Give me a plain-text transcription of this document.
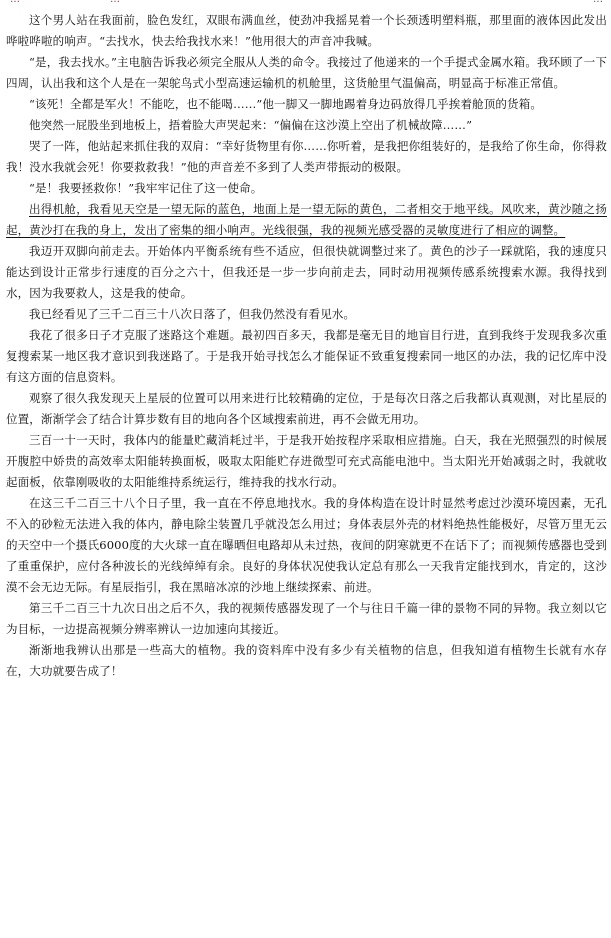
这个男人站在我面前，脸色发红，双眼布满血丝，使劲冲我摇晃着一个长颈透明塑料瓶，那里面的液体因此发出哗啦哗啦的响声。“去找水，快去给我找水来！”他用很大的声音冲我喊。

“是，我去找水。”主电脑告诉我必须完全服从人类的命令。我接过了他递来的一个手提式金属水箱。我环顾了一下四周，认出我和这个人是在一架鸵鸟式小型高速运输机的机舱里，这货舱里气温偏高，明显高于标准正常值。

“该死！全都是军火！不能吃，也不能喝……”他一脚又一脚地踢着身边码放得几乎挨着舱顶的货箱。

他突然一屁股坐到地板上，捂着脸大声哭起来：“偏偏在这沙漠上空出了机械故障……”

哭了一阵，他站起来抓住我的双肩：“幸好货物里有你……你听着，是我把你组装好的，是我给了你生命，你得救我！没水我就会死！你要救救我！”他的声音差不多到了人类声带振动的极限。

“是！我要拯救你！”我牢牢记住了这一使命。

出得机舱，我看见天空是一望无际的蓝色，地面上是一望无际的黄色，二者相交于地平线。风吹来，黄沙随之扬起，黄沙打在我的身上，发出了密集的细小响声。光线很强，我的视频光感受器的灵敏度进行了相应的调整。

我迈开双脚向前走去。开始体内平衡系统有些不适应，但很快就调整过来了。黄色的沙子一踩就陷，我的速度只能达到设计正常步行速度的百分之六十，但我还是一步一步向前走去，同时动用视频传感系统搜索水源。我得找到水，因为我要救人，这是我的使命。

我已经看见了三千二百三十八次日落了，但我仍然没有看见水。

我花了很多日子才克服了迷路这个难题。最初四百多天，我都是毫无目的地盲目行进，直到我终于发现我多次重复搜索某一地区我才意识到我迷路了。于是我开始寻找怎么才能保证不致重复搜索同一地区的办法，我的记忆库中没有这方面的信息资料。

观察了很久我发现天上星辰的位置可以用来进行比较精确的定位，于是每次日落之后我都认真观测，对比星辰的位置，渐渐学会了结合计算步数有目的地向各个区域搜索前进，再不会做无用功。

三百一十一天时，我体内的能量贮藏消耗过半，于是我开始按程序采取相应措施。白天，我在光照强烈的时候展开腹腔中娇贵的高效率太阳能转换面板，吸取太阳能贮存进微型可充式高能电池中。当太阳光开始减弱之时，我就收起面板，依靠刚吸收的太阳能维持系统运行，维持我的找水行动。

在这三千二百三十八个日子里，我一直在不停息地找水。我的身体构造在设计时显然考虑过沙漠环境因素，无孔不入的砂粒无法进入我的体内，静电除尘装置几乎就没怎么用过；身体表层外壳的材料绝热性能极好，尽管万里无云的天空中一个摄氏6000度的大火球一直在曝晒但电路却从未过热，夜间的阴寒就更不在话下了；而视频传感器也受到了重重保护，应付各种波长的光线绰绰有余。良好的身体状况使我认定总有那么一天我肯定能找到水，肯定的，这沙漠不会无边无际。有星辰指引，我在黑暗冰凉的沙地上继续探索、前进。

第三千二百三十九次日出之后不久，我的视频传感器发现了一个与往日千篇一律的景物不同的异物。我立刻以它为目标，一边提高视频分辨率辨认一边加速向其接近。

渐渐地我辨认出那是一些高大的植物。我的资料库中没有多少有关植物的信息，但我知道有植物生长就有水存在，大功就要告成了！
